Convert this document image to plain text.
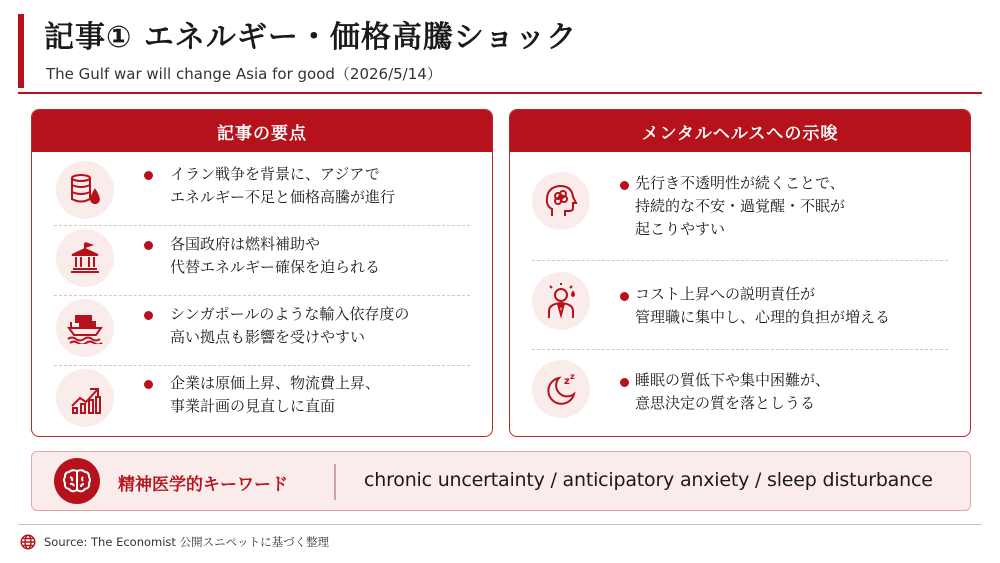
記事① エネルギー・価格高騰ショック
The Gulf war will change Asia for good（2026/5/14）
記事の要点
イラン戦争を背景に、アジアで
エネルギー不足と価格高騰が進行
各国政府は燃料補助や
代替エネルギー確保を迫られる
シンガポールのような輸入依存度の
高い拠点も影響を受けやすい
企業は原価上昇、物流費上昇、
事業計画の見直しに直面
メンタルヘルスへの示唆
先行き不透明性が続くことで、
持続的な不安・過覚醒・不眠が
起こりやすい
コスト上昇への説明責任が
管理職に集中し、心理的負担が増える
z z	睡眠の質低下や集中困難が、
意思決定の質を落としうる
精神医学的キーワード	chronic uncertainty / anticipatory anxiety / sleep disturbance
Source: The Economist 公開スニペットに基づく整理
